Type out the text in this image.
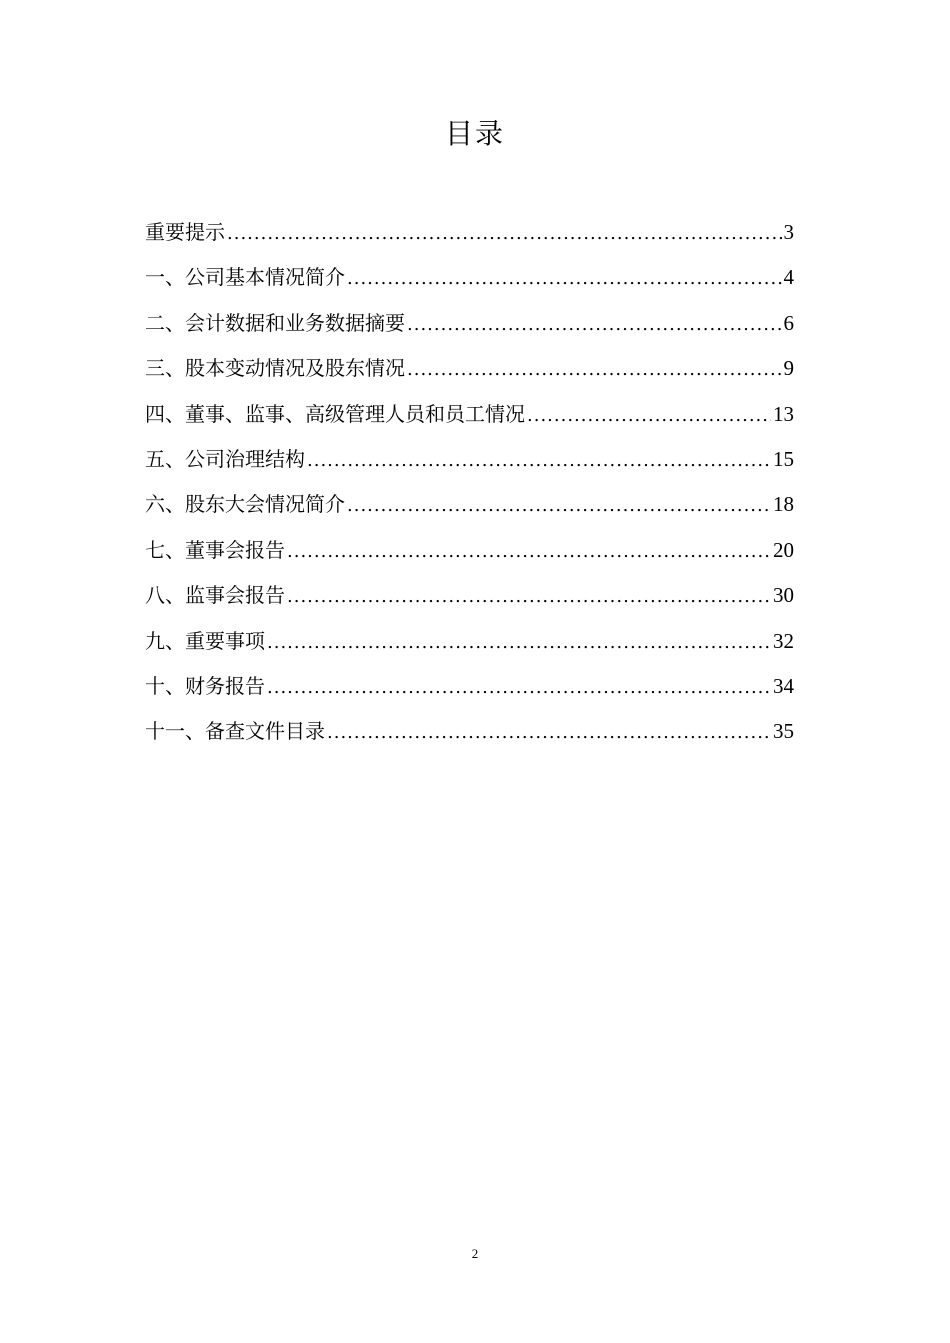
目录
重要提示 .....	3
一、公司基本情况简介 .....	4
二、会计数据和业务数据摘要 .....	6
三、股本变动情况及股东情况 .....	9
四、董事、监事、高级管理人员和员工情况 .....	13
五、公司治理结构 .....	15
六、股东大会情况简介 .....	18
七、董事会报告 .....	20
八、监事会报告 .....	30
九、重要事项 .....	32
十、财务报告 .....	34
十一、备查文件目录 .....	35
2
